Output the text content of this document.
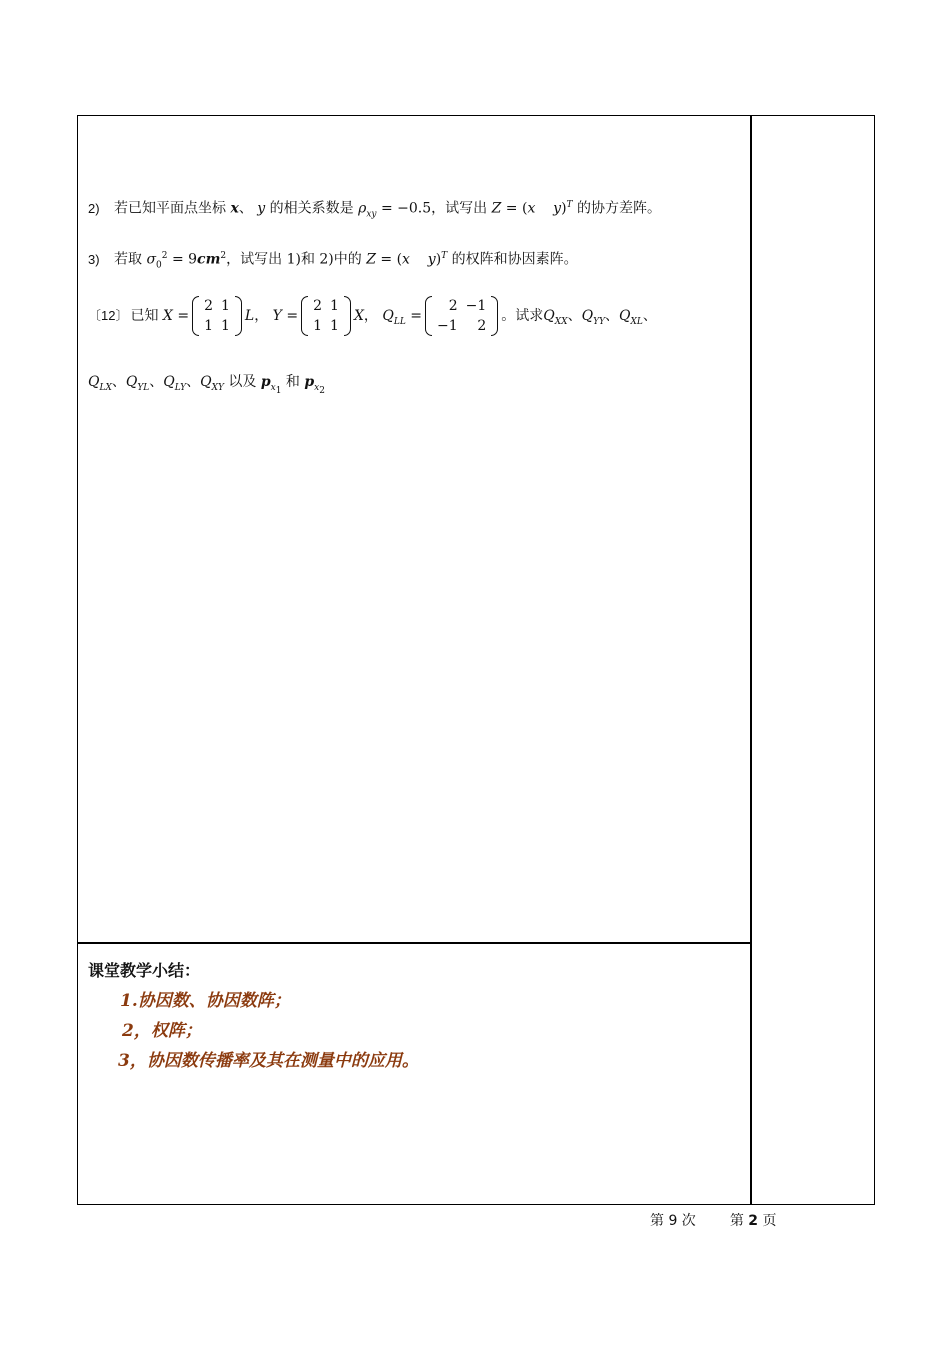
2) 若已知平面点坐标 x、 y 的相关系数是 $\rho_{xy} = -0.5$，试写出 Z = (x y)$^T$ 的协方差阵。
3) 若取 $\sigma_0^2 = 9cm^2$，试写出 1)和 2)中的 Z = (x y)$^T$ 的权阵和协因素阵。
〔12〕 已知 X =
2	1
1	1
L， Y =
2	1
1	1
X， $Q_{LL}$ =
2	−1
−1	2
。试求$Q_{XX}$、$Q_{YY}$、$Q_{XL}$、
$Q_{LX}$、$Q_{YL}$、$Q_{LY}$、$Q_{XY}$ 以及 $p_{x_1}$ 和 $p_{x_2}$
课堂教学小结：
1.协因数、协因数阵；
2，权阵；
3，协因数传播率及其在测量中的应用。
第 9 次 第 2 页
